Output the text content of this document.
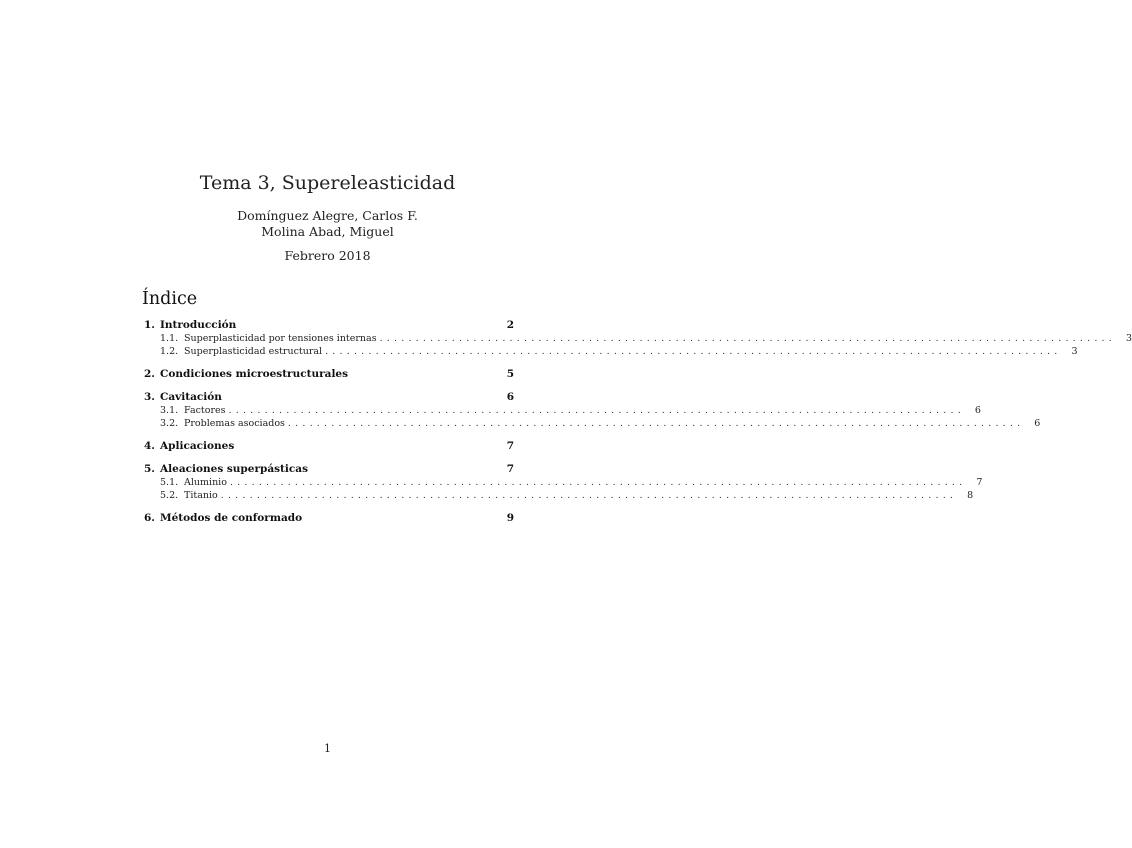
Tema 3, Supereleasticidad
Domínguez Alegre, Carlos F.
Molina Abad, Miguel
Febrero 2018
Índice
1. Introducción	2
1.1. Superplasticidad por tensiones internas ......................................................................................................	3
1.2. Superplasticidad estructural ......................................................................................................	3
2. Condiciones microestructurales	5
3. Cavitación	6
3.1. Factores ......................................................................................................	6
3.2. Problemas asociados ......................................................................................................	6
4. Aplicaciones	7
5. Aleaciones superpásticas	7
5.1. Aluminio ......................................................................................................	7
5.2. Titanio ......................................................................................................	8
6. Métodos de conformado	9
1
